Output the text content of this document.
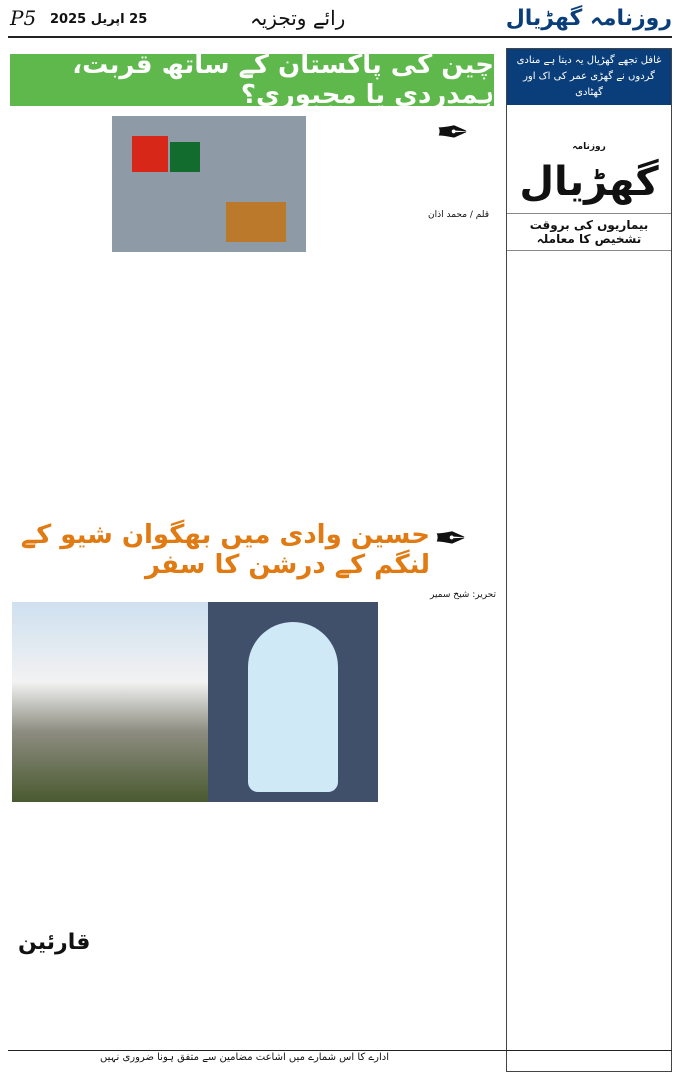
P5 25 اپریل 2025	رائے وتجزیہ	روزنامہ گھڑیال
چین کی پاکستان کے ساتھ قربت، ہمدردی یا مجبوری؟
✒
قلم / محمد اذان
حسین وادی میں بھگوان شیو کے لنگم کے درشن کا سفر
✒
تحریر: شیخ سمیر
قارئین
غافل تجھے گھڑیال یہ دیتا ہے منادی
گردوں نے گھڑی عمر کی اک اور گھٹادی
روزنامہ گھڑیال
بیماریوں کی بروقت تشخیص کا معاملہ
ادارے کا اس شمارے میں اشاعت مضامین سے متفق ہونا ضروری نہیں
